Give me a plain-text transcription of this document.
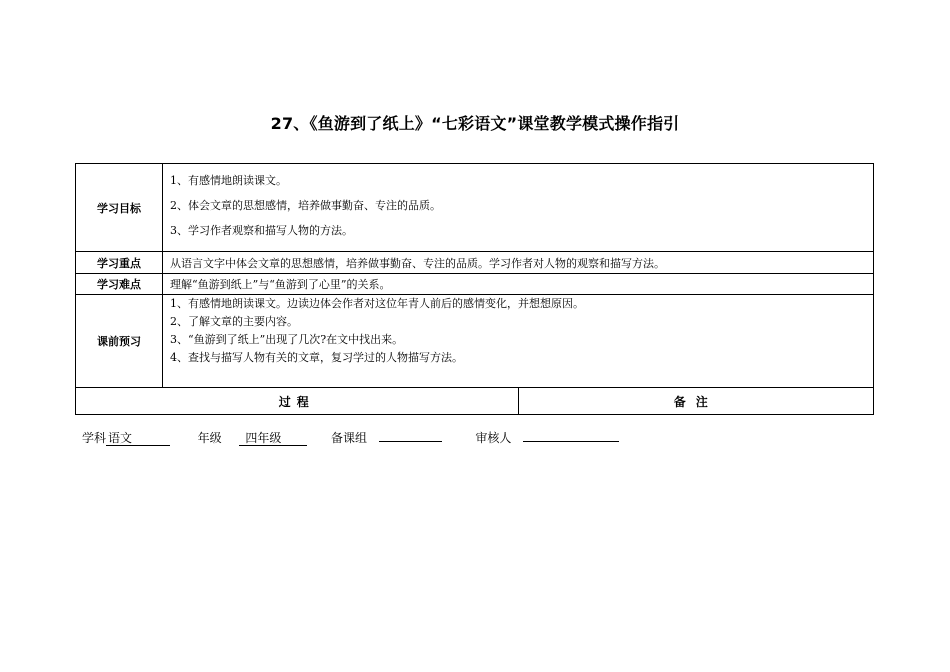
27、《鱼游到了纸上》“七彩语文”课堂教学模式操作指引
学习目标	1、有感情地朗读课文。
2、体会文章的思想感情，培养做事勤奋、专注的品质。
3、学习作者观察和描写人物的方法。	

学习重点	从语言文字中体会文章的思想感情，培养做事勤奋、专注的品质。学习作者对人物的观察和描写方法。	
学习难点	理解“鱼游到纸上”与“鱼游到了心里”的关系。	
课前预习	1、有感情地朗读课文。边读边体会作者对这位年青人前后的感情变化，并想想原因。
2、了解文章的主要内容。
3、“鱼游到了纸上”出现了几次?在文中找出来。
4、查找与描写人物有关的文章，复习学过的人物描写方法。	

过程		备注
学科 语文	年级 四年级	备课组	审核人
